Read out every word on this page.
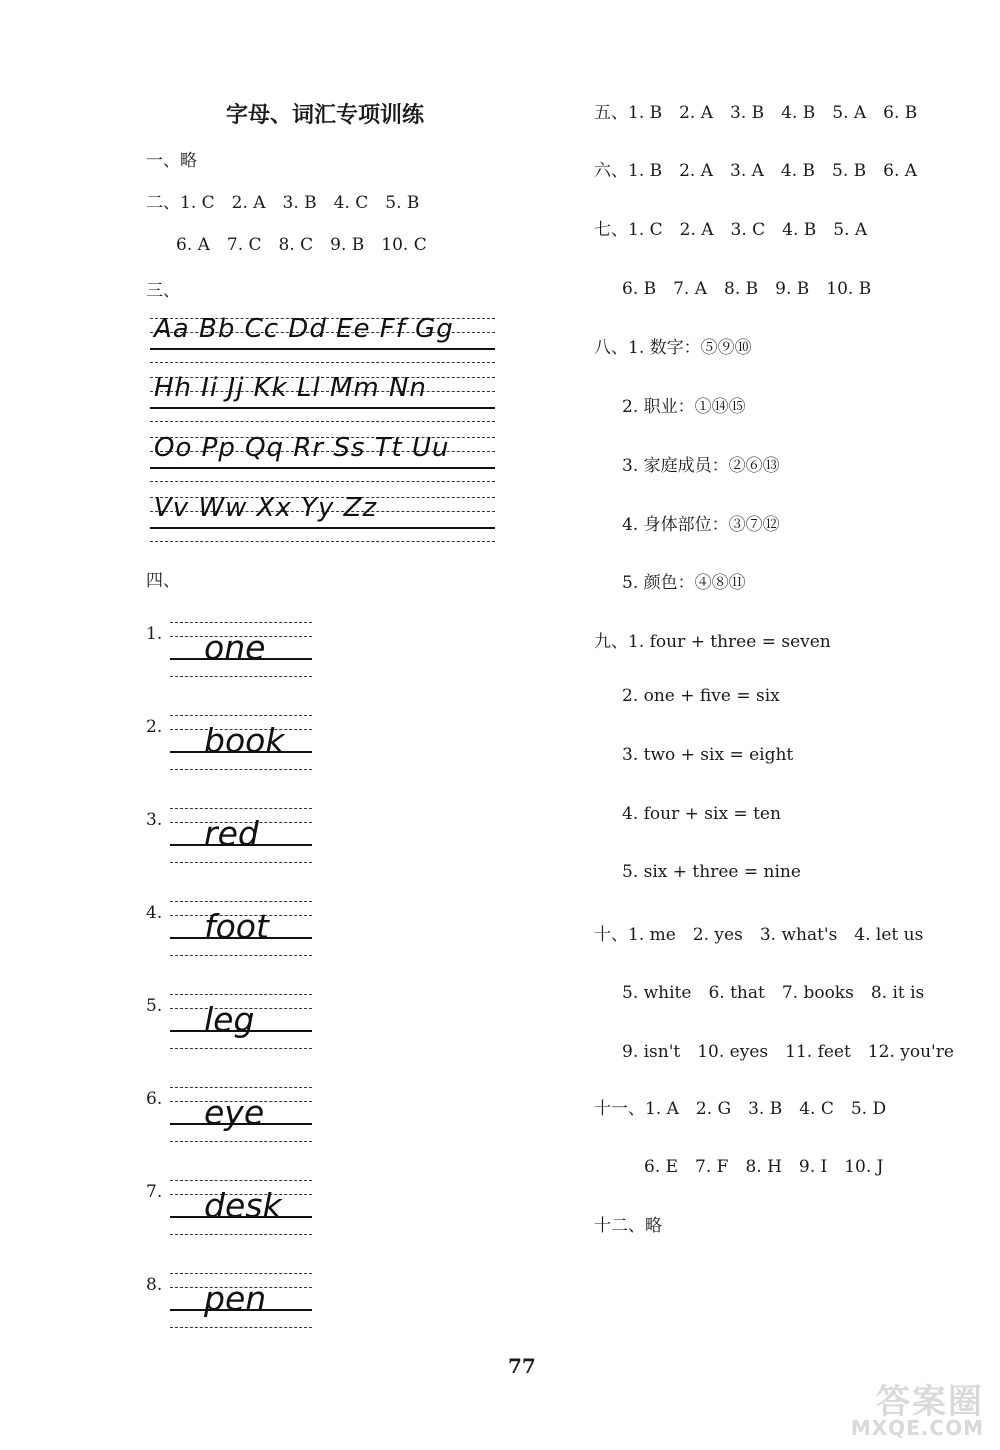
字母、词汇专项训练
一、略
二、1. C　2. A　3. B　4. C　5. B
6. A　7. C　8. C　9. B　10. C
三、
Aa Bb Cc Dd Ee Ff Gg
Hh Ii Jj Kk Ll Mm Nn
Oo Pp Qq Rr Ss Tt Uu
Vv Ww Xx Yy Zz
四、
1. one
2. book
3. red
4. foot
5. leg
6. eye
7. desk
8. pen
五、1. B　2. A　3. B　4. B　5. A　6. B
六、1. B　2. A　3. A　4. B　5. B　6. A
七、1. C　2. A　3. C　4. B　5. A
6. B　7. A　8. B　9. B　10. B
八、1. 数字：⑤⑨⑩
2. 职业：①⑭⑮
3. 家庭成员：②⑥⑬
4. 身体部位：③⑦⑫
5. 颜色：④⑧⑪
九、1. four + three = seven
2. one + five = six
3. two + six = eight
4. four + six = ten
5. six + three = nine
十、1. me　2. yes　3. what's　4. let us
5. white　6. that　7. books　8. it is
9. isn't　10. eyes　11. feet　12. you're
十一、1. A　2. G　3. B　4. C　5. D
6. E　7. F　8. H　9. I　10. J
十二、略
77
答案圈
MXQE.COM
